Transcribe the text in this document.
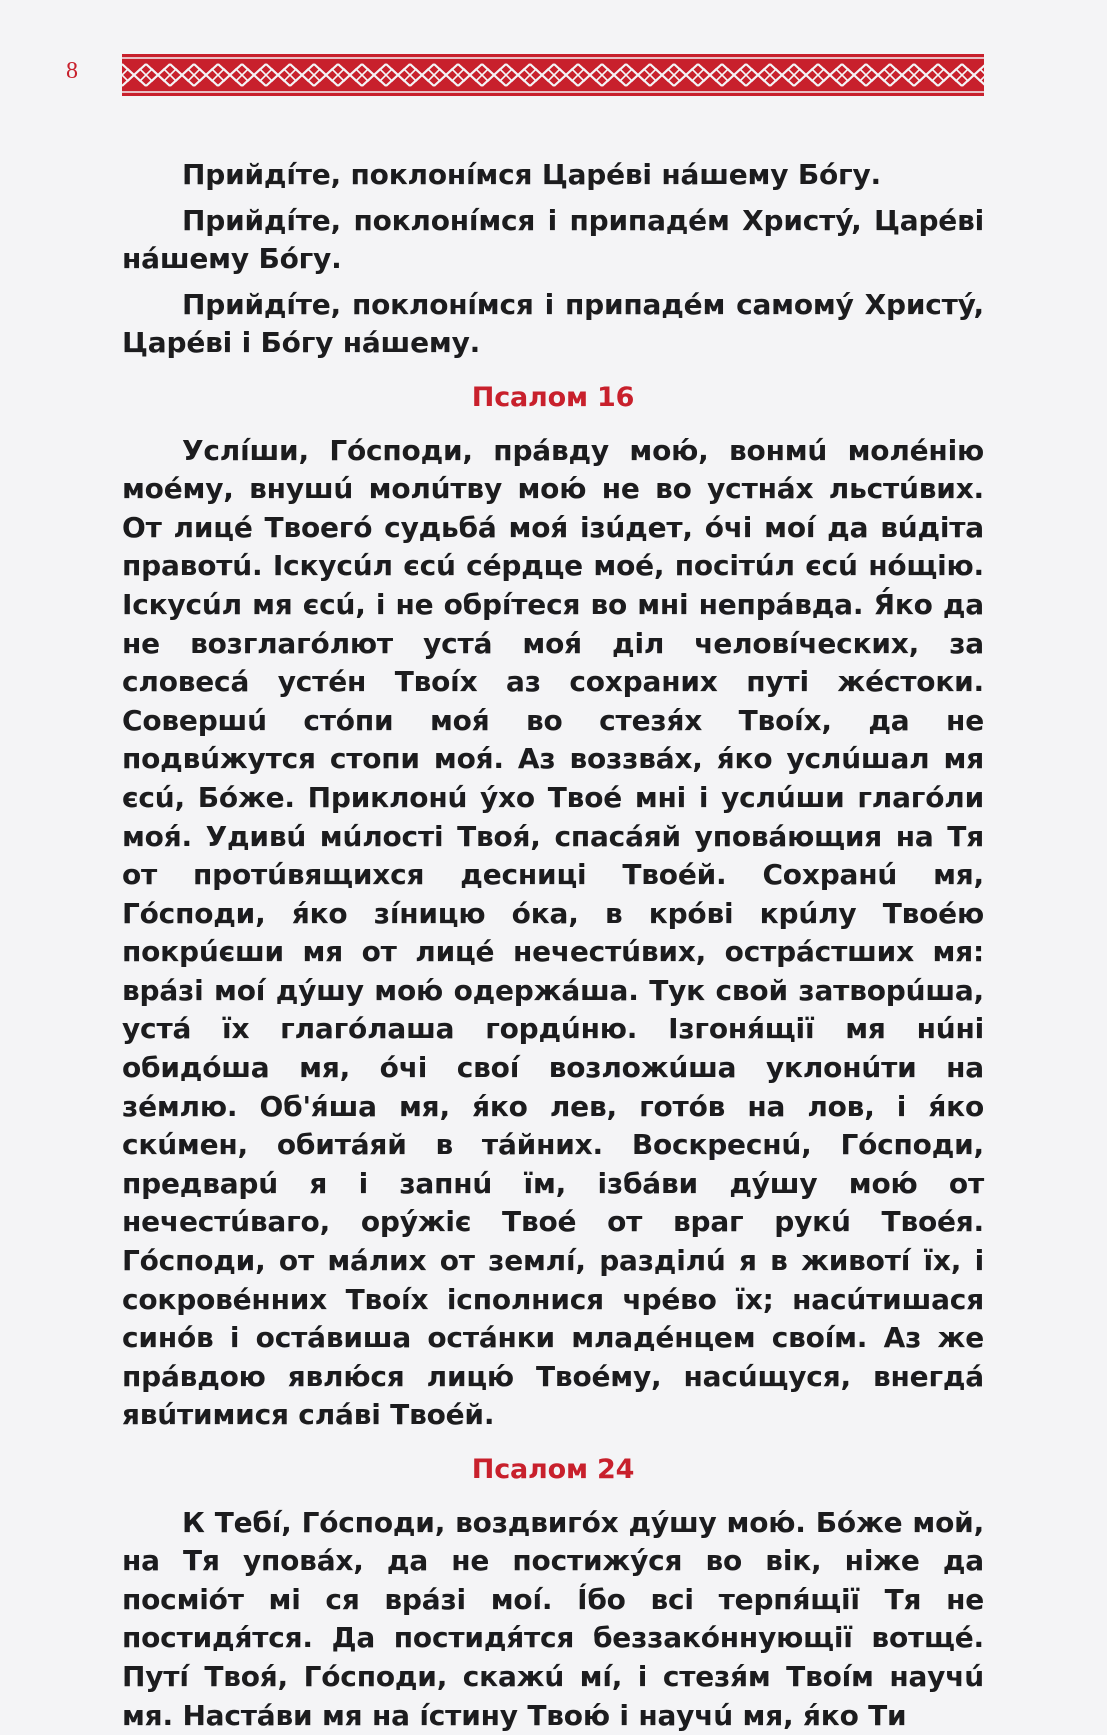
8

Прийдíте, поклонíмся Царéві нáшему Бóгу.

Прийдíте, поклонíмся і припадéм Христý, Царéві нáшему Бóгу.

Прийдíте, поклонíмся і припадéм самомý Христý, Царéві і Бóгу нáшему.

Псалом 16

Услíши, Гóсподи, прáвду мою́, вонмú молéнію моéму, внушú молúтву мою́ не во устнáх льстúвих. От лицé Твоегó судьбá моя́ ізúдет, óчі моí да вúдіта правотú. Іскусúл єсú сéрдце моé, посітúл єсú нóщію. Іскусúл мя єсú, і не обрíтеся во мні непрáвда. Я́ко да не возглагóлют устá моя́ діл человíческих, за словесá устéн Твоíх аз сохраних путі жéстоки. Совершú стóпи моя́ во стезя́х Твоíх, да не подвúжутся стопи моя́. Аз воззвáх, я́ко услúшал мя єсú, Бóже. Приклонú ýхо Твоé мні і услúши глагóли моя́. Удивú мúлості Твоя́, спасáяй уповáющия на Тя от протúвящихся десниці Твоéй. Сохранú мя, Гóсподи, я́ко зíницю óка, в крóві крúлу Твоéю покрúєши мя от лицé нечестúвих, острáстших мя: врáзі моí дýшу мою́ одержáша. Тук свой затворúша, устá їх глагóлаша гордúню. Ізгоня́щії мя нúні обидóша мя, óчі своí возложúша уклонúти на зéмлю. Об'я́ша мя, я́ко лев, готóв на лов, і я́ко скúмен, обитáяй в тáйних. Воскреснú, Гóсподи, предварú я і запнú їм, ізбáви дýшу мою́ от нечестúваго, орýжіє Твоé от враг рукú Твоéя. Гóсподи, от мáлих от землí, разділú я в животí їх, і сокровéнних Твоíх ісполнися чрéво їх; насúтишася синóв і остáвиша остáнки младéнцем своíм. Аз же прáвдою явлю́ся лицю́ Твоéму, насúщуся, внегдá явúтимися слáві Твоéй.

Псалом 24

К Тебí, Гóсподи, воздвигóх дýшу мою́. Бóже мой, на Тя уповáх, да не постижýся во вік, ніже да посміóт мі ся врáзі моí. Íбо всі терпя́щії Тя не постидя́тся. Да постидя́тся беззакóннующії вотщé. Путí Твоя́, Гóсподи, скажú мí, і стезя́м Твоíм научú мя. Настáви мя на íстину Твою́ і научú мя, я́ко Ти
